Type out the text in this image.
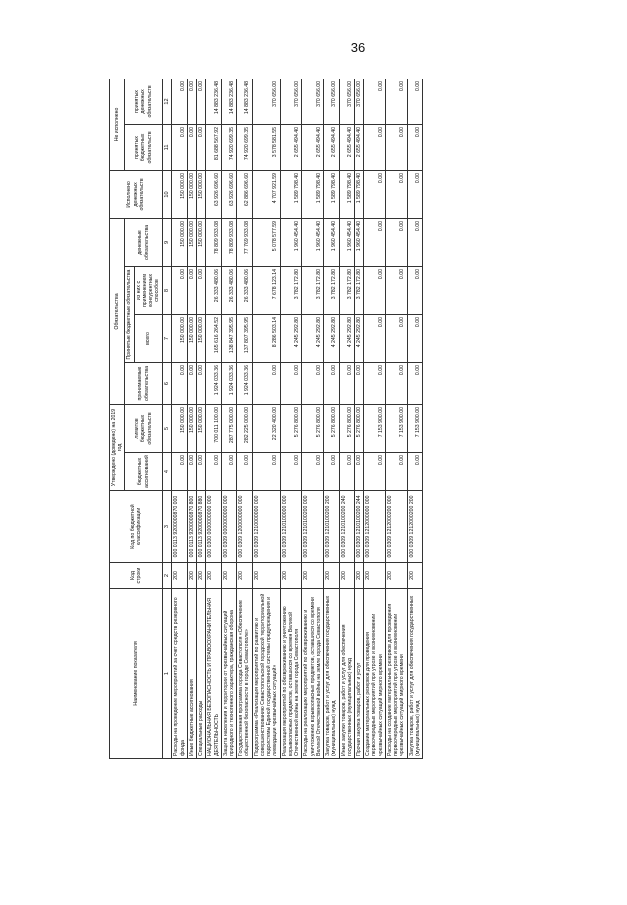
36
Наименование показателя	Код строки	Код по бюджетной классификации	Утверждено (доведено) на 2019 год		Обязательства				Исполнено денежных обязательств	Не исполнено	
			бюджетных ассигнований	лимитов бюджетных обязательств	принимаемые обязательства	Принятые бюджетные обязательства		денежные обязательства		принятых бюджетных обязательств	принятых денежных обязательств
						всего	из них с применением конкурентных способов				
1	2	3	4	5	6	7	8	9	10	11	12
Расходы на проведение мероприятий за счет средств резервного фонда	200	000 0113 9200000870 000	0.00	150 000.00	0.00	150 000.00	0.00	150 000.00	150 000.00	0.00	0.00
Иные бюджетные ассигнования	200	000 0113 9200000870 800	0.00	150 000.00	0.00	150 000.00	0.00	150 000.00	150 000.00	0.00	0.00
Специальные расходы	200	000 0113 9200000870 880	0.00	150 000.00	0.00	150 000.00	0.00	150 000.00	150 000.00	0.00	0.00
НАЦИОНАЛЬНАЯ БЕЗОПАСНОСТЬ И ПРАВООХРАНИТЕЛЬНАЯ ДЕЯТЕЛЬНОСТЬ	200	000 0300 0000000000 000	0.00	700 011 100.00	1 924 033.36	165 616 264.52	26 333 480.06	78 809 933.08	63 926 696.60	81 688 567.92	14 883 236.48
Защита населения и территории от чрезвычайных ситуаций природного и техногенного характера, гражданская оборона	200	000 0309 0000000000 000	0.00	287 775 000.00	1 924 033.36	138 847 395.95	26 333 480.06	78 809 933.08	63 926 696.60	74 920 699.35	14 883 236.48
Государственная программа города Севастополя «Обеспечение общественной безопасности в городе Севастополе»	200	000 0309 1200000000 000	0.00	282 225 000.00	1 924 033.36	137 807 395.95	26 333 480.06	77 769 933.08	62 886 696.60	74 920 699.35	14 883 236.48
Подпрограмма «Реализация мероприятий по развитию и совершенствованию Севастопольской городской территориальной подсистемы Единой государственной системы предупреждения и ликвидации чрезвычайных ситуаций»	200	000 0309 1210000000 000	0.00	22 320 400.00	0.00	8 286 503.14	7 678 123.14	5 078 577.59	4 707 921.59	3 578 581.55	370 656.00
Реализация мероприятий по обезвреживанию и уничтожению взрывоопасных предметов, оставшихся со времен Великой Отечественной войны на земле города Севастополя	200	000 0309 1210100000 000	0.00	5 276 800.00	0.00	4 245 292.80	3 782 172.80	1 960 454.40	1 589 798.40	2 655 494.40	370 656.00
Расходы на реализацию мероприятий по обезвреживанию и уничтожению взрывоопасных предметов, оставшихся со времени Великой Отечественной войны на земле города Севастополя	200	000 0309 1210100200 000	0.00	5 276 800.00	0.00	4 245 292.80	3 782 172.80	1 960 454.40	1 589 798.40	2 655 494.40	370 656.00
Закупка товаров, работ и услуг для обеспечения государственных (муниципальных) нужд	200	000 0309 1210100200 200	0.00	5 276 800.00	0.00	4 245 292.80	3 782 172.80	1 960 454.40	1 589 798.40	2 655 494.40	370 656.00
Иные закупки товаров, работ и услуг для обеспечения государственных (муниципальных) нужд	200	000 0309 1210100200 240	0.00	5 276 800.00	0.00	4 245 292.80	3 782 172.80	1 960 454.40	1 589 798.40	2 655 494.40	370 656.00
Прочая закупка товаров, работ и услуг	200	000 0309 1210100200 244	0.00	5 276 800.00	0.00	4 245 292.80	3 782 172.80	1 960 454.40	1 589 798.40	2 655 494.40	370 656.00
Создание материальных резервов для проведения первоочередных мероприятий при угрозе и возникновении чрезвычайных ситуаций мирного времени	200	000 0309 1212000000 000	0.00	7 153 900.00	0.00	0.00	0.00	0.00	0.00	0.00	0.00
Расходы на создание материальных резервов для проведения первоочередных мероприятий при угрозе и возникновении чрезвычайных ситуаций мирного времени	200	000 0309 1212000200 000	0.00	7 153 900.00	0.00	0.00	0.00	0.00	0.00	0.00	0.00
Закупка товаров, работ и услуг для обеспечения государственных (муниципальных) нужд	200	000 0309 1212000200 200	0.00	7 153 900.00	0.00	0.00	0.00	0.00	0.00	0.00	0.00
